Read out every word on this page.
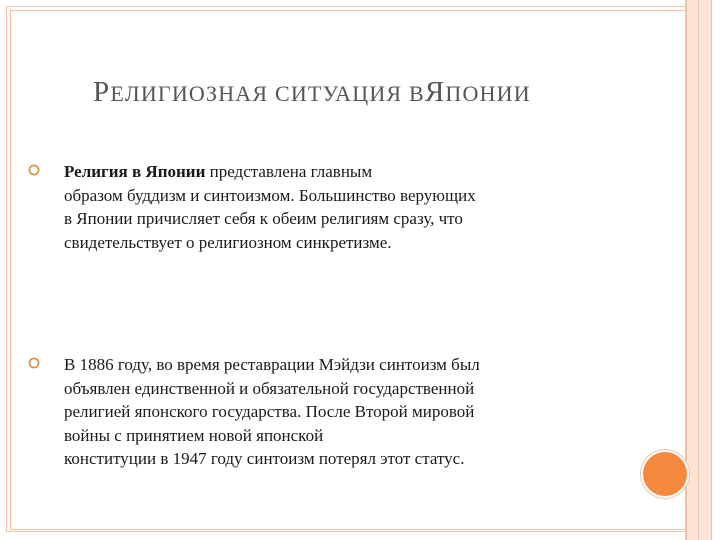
РЕЛИГИОЗНАЯ СИТУАЦИЯ ВЯПОНИИ
Религия в Японии представлена главным
образом буддизм и синтоизмом. Большинство верующих
в Японии причисляет себя к обеим религиям сразу, что
свидетельствует о религиозном синкретизме.
В 1886 году, во время реставрации Мэйдзи синтоизм был
объявлен единственной и обязательной государственной
религией японского государства. После Второй мировой
войны с принятием новой японской
конституции в 1947 году синтоизм потерял этот статус.
